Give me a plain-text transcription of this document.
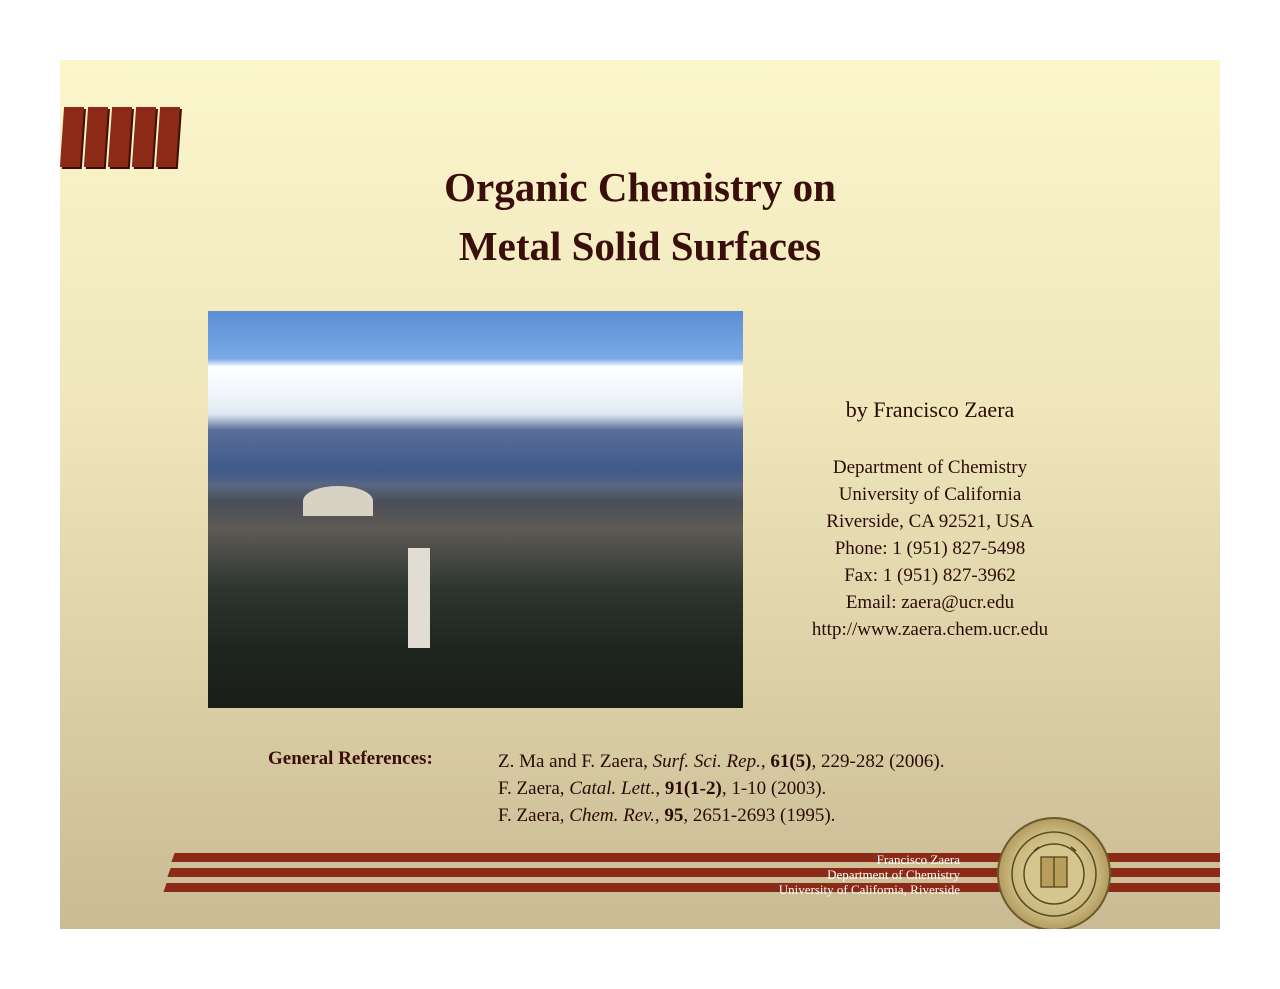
Organic Chemistry on
Metal Solid Surfaces

by Francisco Zaera

Department of Chemistry
University of California
Riverside, CA 92521, USA
Phone: 1 (951) 827-5498
Fax: 1 (951) 827-3962
Email: zaera@ucr.edu
http://www.zaera.chem.ucr.edu
General References:	Z. Ma and F. Zaera, Surf. Sci. Rep., 61(5), 229-282 (2006).
F. Zaera, Catal. Lett., 91(1-2), 1-10 (2003).
F. Zaera, Chem. Rev., 95, 2651-2693 (1995).
Francisco Zaera
Department of Chemistry
University of California, Riverside
